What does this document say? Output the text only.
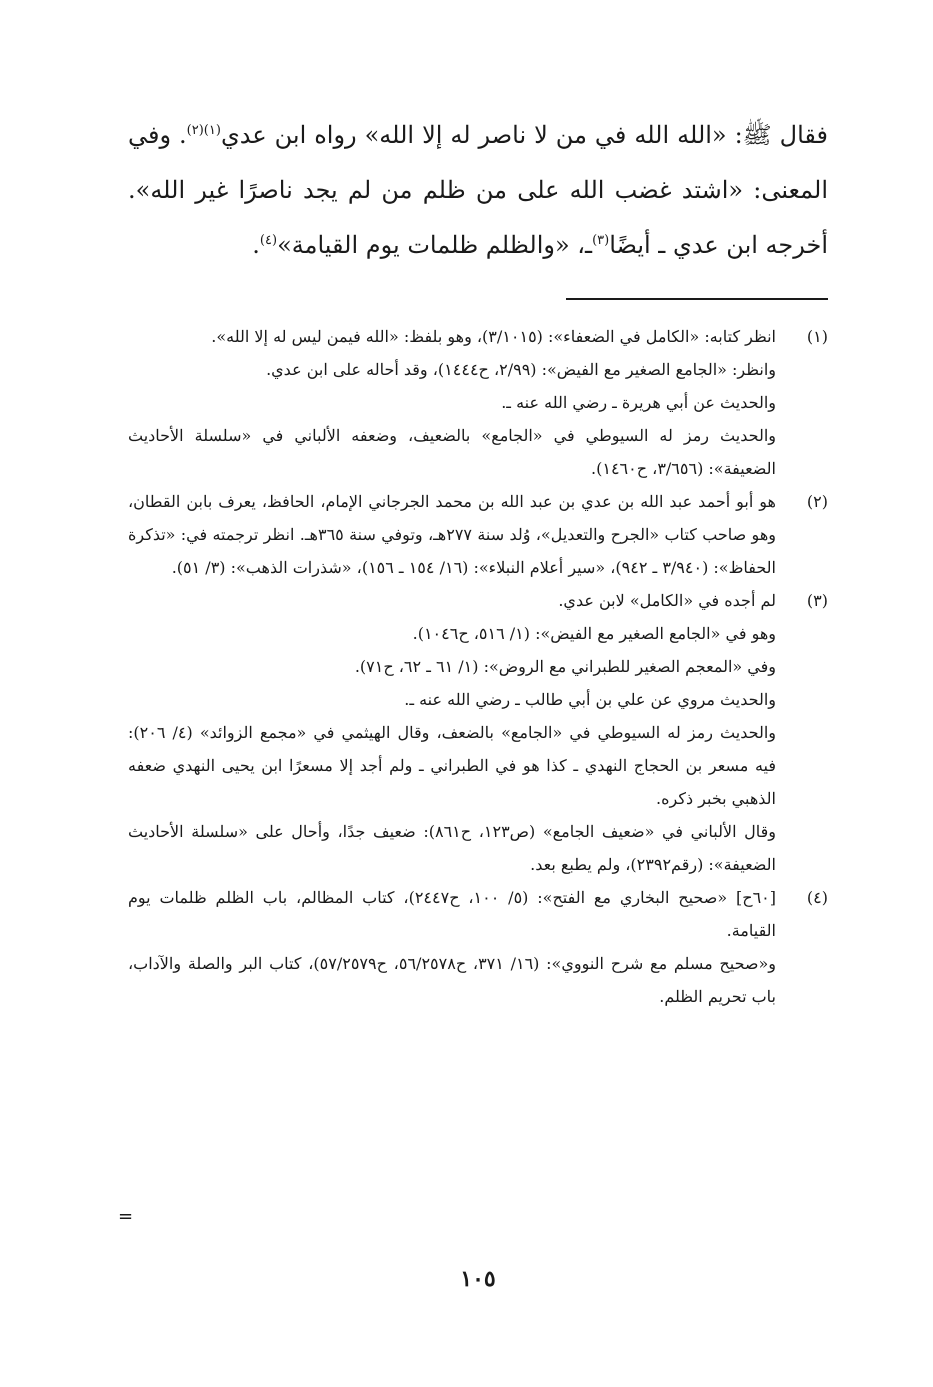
فقال ﷺ: «الله الله في من لا ناصر له إلا الله» رواه ابن عدي$^{(١)(٢)}$. وفي المعنى: «اشتد غضب الله على من ظلم من لم يجد ناصرًا غير الله». أخرجه ابن عدي ـ أيضًا$^{(٣)}$ـ، «والظلم ظلمات يوم القيامة»$^{(٤)}$.

(١)

انظر كتابه: «الكامل في الضعفاء»: (٣/١٠١٥)، وهو بلفظ: «الله فيمن ليس له إلا الله».

وانظر: «الجامع الصغير مع الفيض»: (٢/٩٩، ح١٤٤٤)، وقد أحاله على ابن عدي.

والحديث عن أبي هريرة ـ رضي الله عنه ـ.

والحديث رمز له السيوطي في «الجامع» بالضعيف، وضعفه الألباني في «سلسلة الأحاديث الضعيفة»: (٣/٦٥٦، ح١٤٦٠).

(٢)

هو أبو أحمد عبد الله بن عدي بن عبد الله بن محمد الجرجاني الإمام، الحافظ، يعرف بابن القطان، وهو صاحب كتاب «الجرح والتعديل»، وُلد سنة ٢٧٧هـ، وتوفي سنة ٣٦٥هـ. انظر ترجمته في: «تذكرة الحفاظ»: (٣/٩٤٠ ـ ٩٤٢)، «سير أعلام النبلاء»: (١٦/ ١٥٤ ـ ١٥٦)، «شذرات الذهب»: (٣/ ٥١).

(٣)

لم أجده في «الكامل» لابن عدي.

وهو في «الجامع الصغير مع الفيض»: (١/ ٥١٦، ح١٠٤٦).

وفي «المعجم الصغير للطبراني مع الروض»: (١/ ٦١ ـ ٦٢، ح٧١).

والحديث مروي عن علي بن أبي طالب ـ رضي الله عنه ـ.

والحديث رمز له السيوطي في «الجامع» بالضعف، وقال الهيثمي في «مجمع الزوائد» (٤/ ٢٠٦): فيه مسعر بن الحجاج النهدي ـ كذا هو في الطبراني ـ ولم أجد إلا مسعرًا ابن يحيى النهدي ضعفه الذهبي بخبر ذكره.

وقال الألباني في «ضعيف الجامع» (ص١٢٣، ح٨٦١): ضعيف جدًا، وأحال على «سلسلة الأحاديث الضعيفة»: (رقم٢٣٩٢)، ولم يطبع بعد.

(٤)

[٦٠ح] «صحيح البخاري مع الفتح»: (٥/ ١٠٠، ح٢٤٤٧)، كتاب المظالم، باب الظلم ظلمات يوم القيامة.

و«صحيح مسلم مع شرح النووي»: (١٦/ ٣٧١، ح٥٦/٢٥٧٨، ح٥٧/٢٥٧٩)، كتاب البر والصلة والآداب، باب تحريم الظلم.

=
١٠٥
